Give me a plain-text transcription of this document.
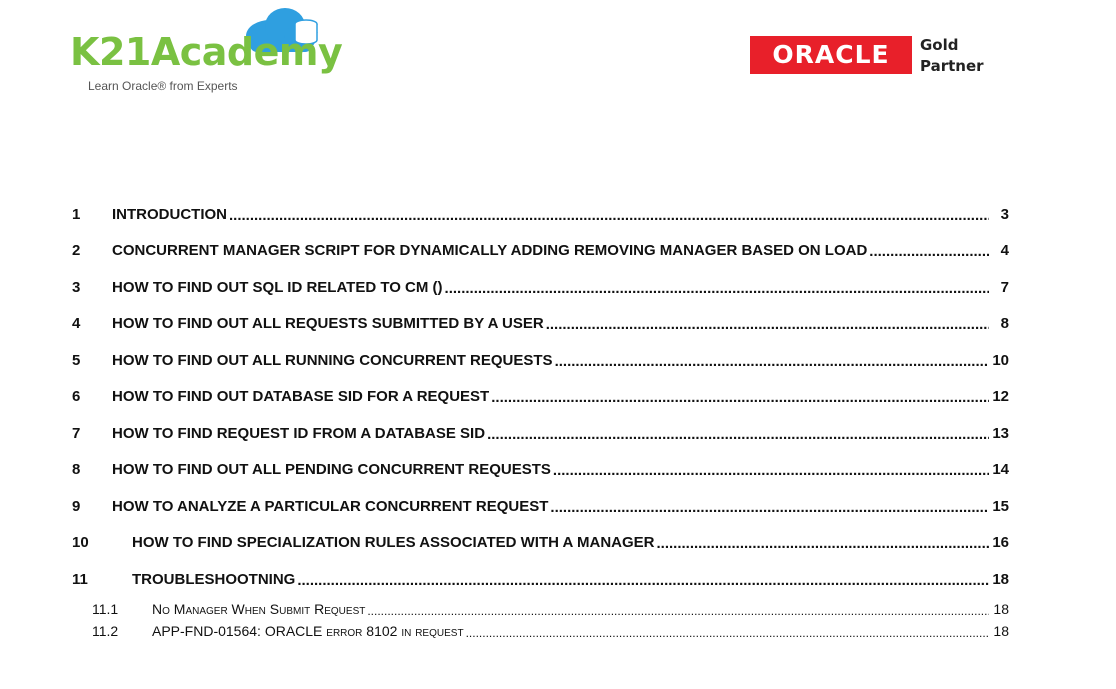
K21Academy
Learn Oracle® from Experts
ORACLE	Gold
Partner
1	INTRODUCTION .....	3
2	CONCURRENT MANAGER SCRIPT FOR DYNAMICALLY ADDING REMOVING MANAGER BASED ON LOAD .....	4
3	HOW TO FIND OUT SQL ID RELATED TO CM () .....	7
4	HOW TO FIND OUT ALL REQUESTS SUBMITTED BY A USER .....	8
5	HOW TO FIND OUT ALL RUNNING CONCURRENT REQUESTS .....	10
6	HOW TO FIND OUT DATABASE SID FOR A REQUEST .....	12
7	HOW TO FIND REQUEST ID FROM A DATABASE SID .....	13
8	HOW TO FIND OUT ALL PENDING CONCURRENT REQUESTS .....	14
9	HOW TO ANALYZE A PARTICULAR CONCURRENT REQUEST .....	15
10	HOW TO FIND SPECIALIZATION RULES ASSOCIATED WITH A MANAGER .....	16
11	TROUBLESHOOTNING .....	18
11.1	No Manager When Submit Request .....	18
11.2	APP-FND-01564: ORACLE error 8102 in request .....	18
